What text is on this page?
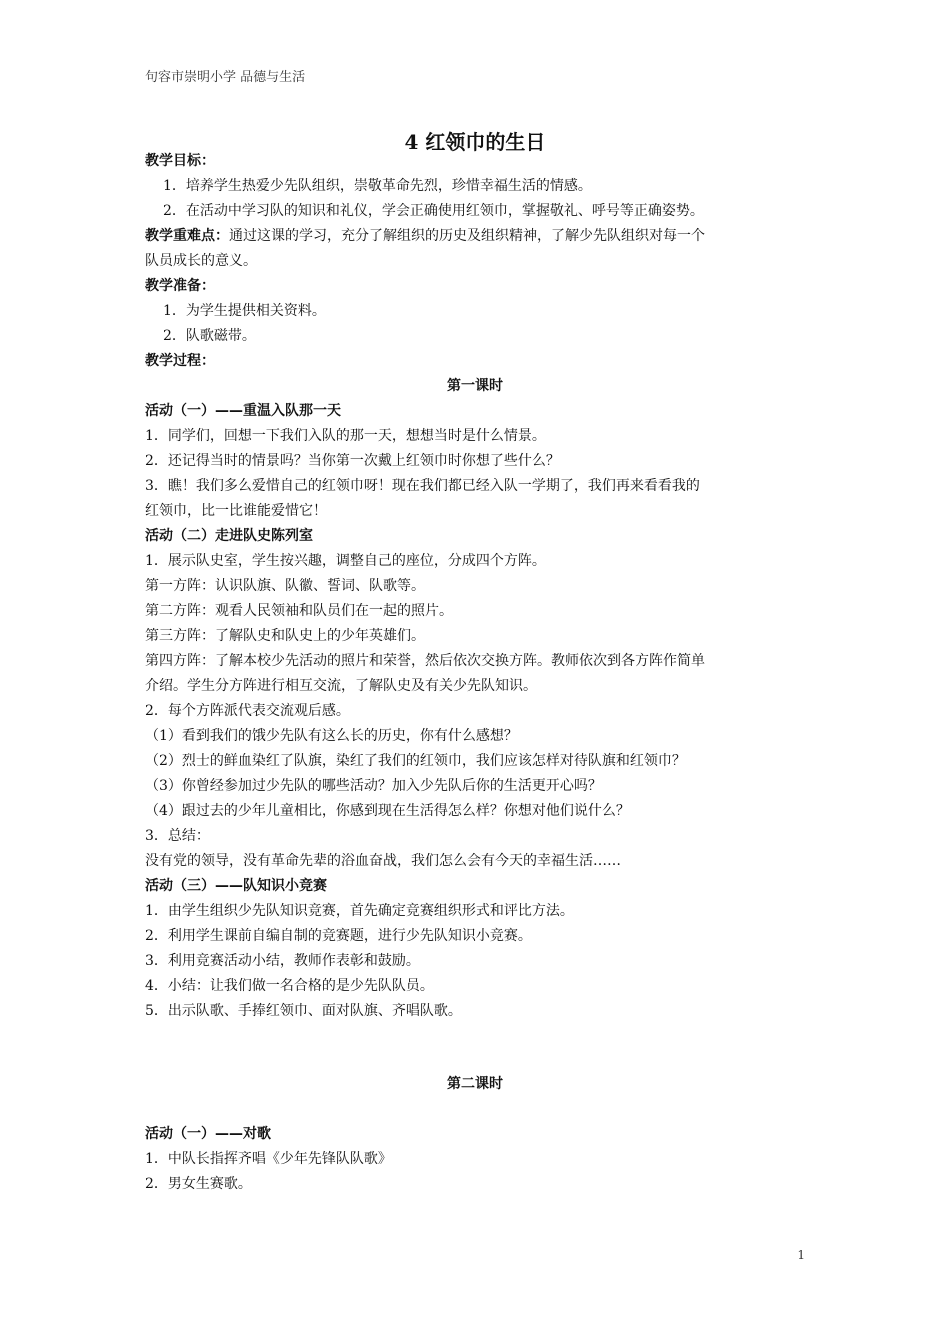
句容市崇明小学 品德与生活
4 红领巾的生日
教学目标：
1．培养学生热爱少先队组织，崇敬革命先烈，珍惜幸福生活的情感。
2．在活动中学习队的知识和礼仪，学会正确使用红领巾，掌握敬礼、呼号等正确姿势。
教学重难点：通过这课的学习，充分了解组织的历史及组织精神，了解少先队组织对每一个
队员成长的意义。
教学准备：
1．为学生提供相关资料。
2．队歌磁带。
教学过程：
第一课时
活动（一）——重温入队那一天
1．同学们，回想一下我们入队的那一天，想想当时是什么情景。
2．还记得当时的情景吗？当你第一次戴上红领巾时你想了些什么？
3．瞧！我们多么爱惜自己的红领巾呀！现在我们都已经入队一学期了，我们再来看看我的
红领巾，比一比谁能爱惜它！
活动（二）走进队史陈列室
1．展示队史室，学生按兴趣，调整自己的座位，分成四个方阵。
第一方阵：认识队旗、队徽、誓词、队歌等。
第二方阵：观看人民领袖和队员们在一起的照片。
第三方阵：了解队史和队史上的少年英雄们。
第四方阵：了解本校少先活动的照片和荣誉，然后依次交换方阵。教师依次到各方阵作简单
介绍。学生分方阵进行相互交流，了解队史及有关少先队知识。
2．每个方阵派代表交流观后感。
（1）看到我们的饿少先队有这么长的历史，你有什么感想？
（2）烈士的鲜血染红了队旗，染红了我们的红领巾，我们应该怎样对待队旗和红领巾？
（3）你曾经参加过少先队的哪些活动？加入少先队后你的生活更开心吗？
（4）跟过去的少年儿童相比，你感到现在生活得怎么样？你想对他们说什么？
3．总结：
没有党的领导，没有革命先辈的浴血奋战，我们怎么会有今天的幸福生活……
活动（三）——队知识小竞赛
1．由学生组织少先队知识竞赛，首先确定竞赛组织形式和评比方法。
2．利用学生课前自编自制的竞赛题，进行少先队知识小竞赛。
3．利用竞赛活动小结，教师作表彰和鼓励。
4．小结：让我们做一名合格的是少先队队员。
5．出示队歌、手捧红领巾、面对队旗、齐唱队歌。
第二课时
活动（一）——对歌
1．中队长指挥齐唱《少年先锋队队歌》
2．男女生赛歌。
1
